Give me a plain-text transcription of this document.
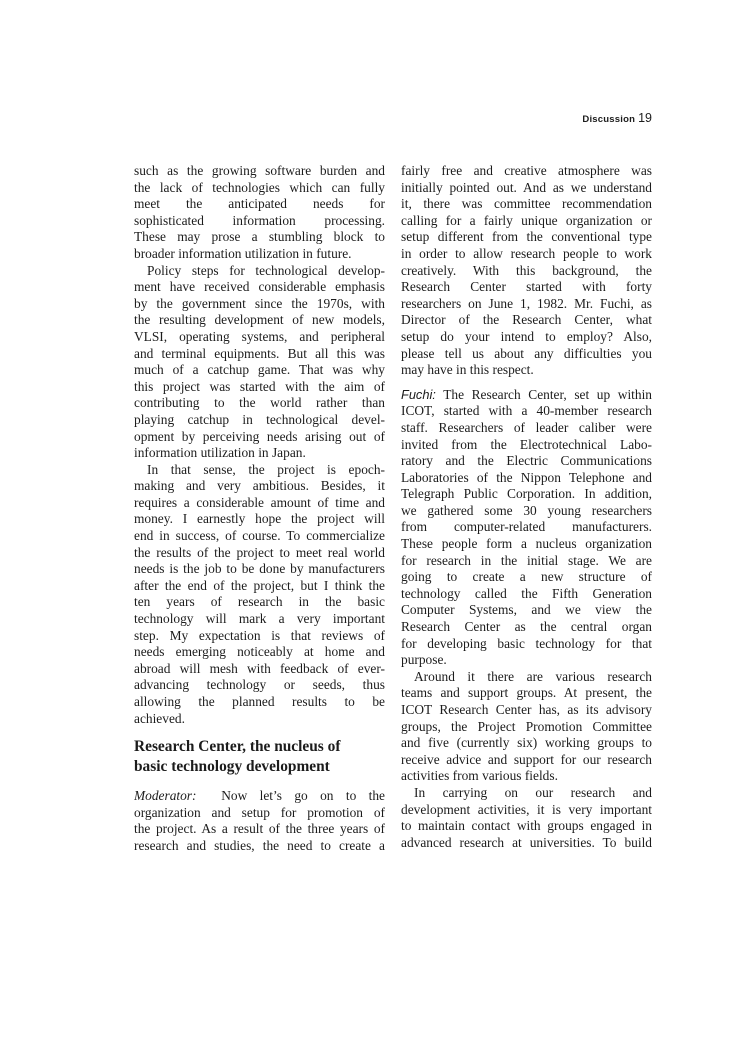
Discussion 19
such as the growing software burden and
the lack of technologies which can fully
meet the anticipated needs for
sophisticated information processing.
These may prose a stumbling block to
broader information utilization in future.
Policy steps for technological develop-
ment have received considerable emphasis
by the government since the 1970s, with
the resulting development of new models,
VLSI, operating systems, and peripheral
and terminal equipments. But all this was
much of a catchup game. That was why
this project was started with the aim of
contributing to the world rather than
playing catchup in technological devel-
opment by perceiving needs arising out of
information utilization in Japan.
In that sense, the project is epoch-
making and very ambitious. Besides, it
requires a considerable amount of time and
money. I earnestly hope the project will
end in success, of course. To commercialize
the results of the project to meet real world
needs is the job to be done by manufacturers
after the end of the project, but I think the
ten years of research in the basic
technology will mark a very important
step. My expectation is that reviews of
needs emerging noticeably at home and
abroad will mesh with feedback of ever-
advancing technology or seeds, thus
allowing the planned results to be
achieved.
Research Center, the nucleus of
basic technology development
Moderator: Now let’s go on to the
organization and setup for promotion of
the project. As a result of the three years of
research and studies, the need to create a
fairly free and creative atmosphere was
initially pointed out. And as we understand
it, there was committee recommendation
calling for a fairly unique organization or
setup different from the conventional type
in order to allow research people to work
creatively. With this background, the
Research Center started with forty
researchers on June 1, 1982. Mr. Fuchi, as
Director of the Research Center, what
setup do your intend to employ? Also,
please tell us about any difficulties you
may have in this respect.
Fuchi: The Research Center, set up within
ICOT, started with a 40-member research
staff. Researchers of leader caliber were
invited from the Electrotechnical Labo-
ratory and the Electric Communications
Laboratories of the Nippon Telephone and
Telegraph Public Corporation. In addition,
we gathered some 30 young researchers
from computer-related manufacturers.
These people form a nucleus organization
for research in the initial stage. We are
going to create a new structure of
technology called the Fifth Generation
Computer Systems, and we view the
Research Center as the central organ
for developing basic technology for that
purpose.
Around it there are various research
teams and support groups. At present, the
ICOT Research Center has, as its advisory
groups, the Project Promotion Committee
and five (currently six) working groups to
receive advice and support for our research
activities from various fields.
In carrying on our research and
development activities, it is very important
to maintain contact with groups engaged in
advanced research at universities. To build
